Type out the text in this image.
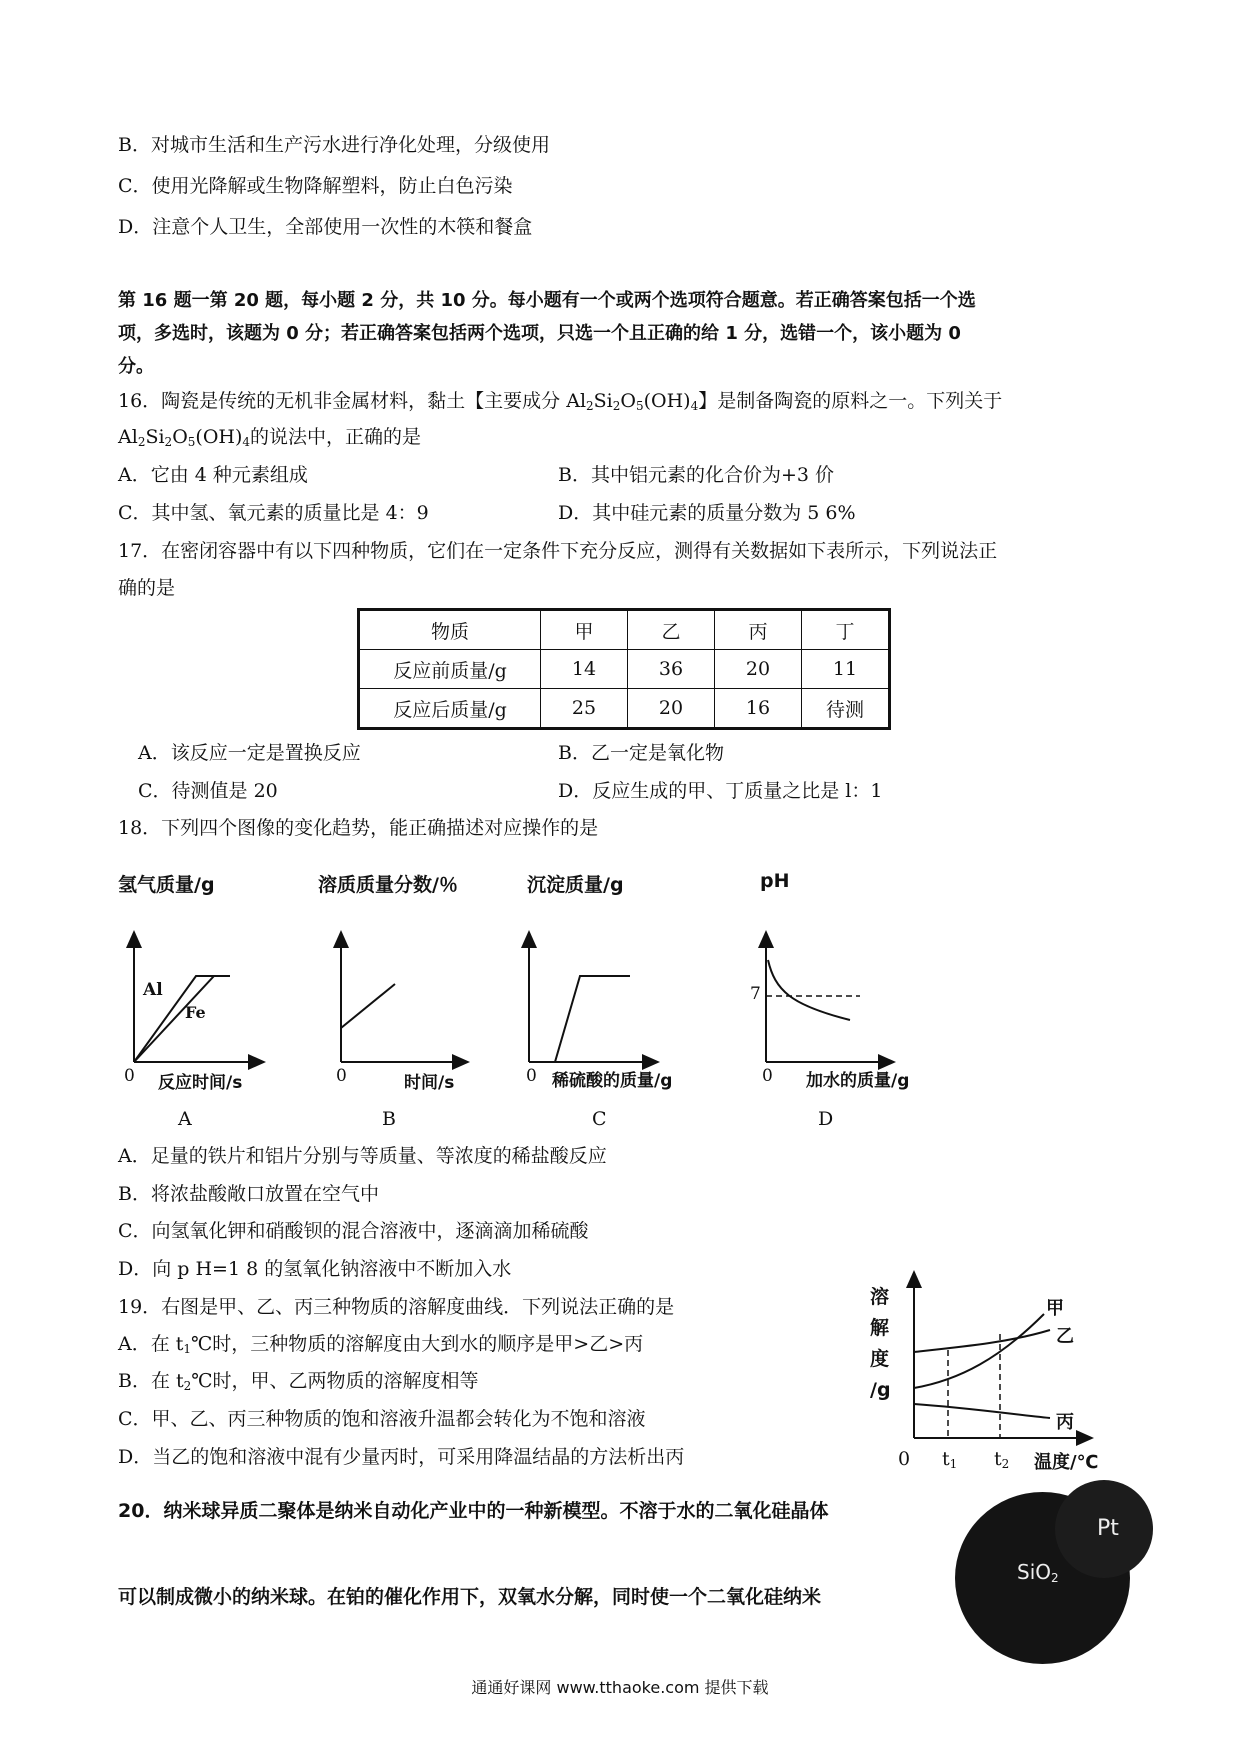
B．对城市生活和生产污水进行净化处理，分级使用
C．使用光降解或生物降解塑料，防止白色污染
D．注意个人卫生，全部使用一次性的木筷和餐盒
第 16 题一第 20 题，每小题 2 分，共 10 分。每小题有一个或两个选项符合题意。若正确答案包括一个选
项，多选时，该题为 0 分；若正确答案包括两个选项，只选一个且正确的给 1 分，选错一个，该小题为 0
分。
16．陶瓷是传统的无机非金属材料，黏土【主要成分 $Al_2Si_2O_5(OH)_4$】是制备陶瓷的原料之一。下列关于
$Al_2Si_2O_5(OH)_4$的说法中，正确的是
A．它由 4 种元素组成	B．其中铝元素的化合价为+3 价
C．其中氢、氧元素的质量比是 4：9	D．其中硅元素的质量分数为 5 6%
17．在密闭容器中有以下四种物质，它们在一定条件下充分反应，测得有关数据如下表所示，下列说法正
确的是
物质	甲	乙	丙	丁
反应前质量/g	14	36	20	11
反应后质量/g	25	20	16	待测
A．该反应一定是置换反应	B．乙一定是氧化物
C．待测值是 20	D．反应生成的甲、丁质量之比是 l：1
18．下列四个图像的变化趋势，能正确描述对应操作的是
氢气质量/g	溶质质量分数/％	沉淀质量/g	pH
Al
Fe
7
0 反应时间/s	0	时间/s	0 稀硫酸的质量/g	0 加水的质量/g
A	B	C	D
A．足量的铁片和铝片分别与等质量、等浓度的稀盐酸反应
B．将浓盐酸敞口放置在空气中
C．向氢氧化钾和硝酸钡的混合溶液中，逐滴滴加稀硫酸
D．向 p H=1 8 的氢氧化钠溶液中不断加入水
19．右图是甲、乙、丙三种物质的溶解度曲线．下列说法正确的是
A．在 $t_1℃$时，三种物质的溶解度由大到水的顺序是甲>乙>丙
B．在 $t_2℃$时，甲、乙两物质的溶解度相等
C．甲、乙、丙三种物质的饱和溶液升温都会转化为不饱和溶液
D．当乙的饱和溶液中混有少量丙时，可采用降温结晶的方法析出丙
溶
解
度
/g
甲
乙
丙
0 $t_1$ $t_2$ 温度/℃
20．纳米球异质二聚体是纳米自动化产业中的一种新模型。不溶于水的二氧化硅晶体
可以制成微小的纳米球。在铂的催化作用下，双氧水分解，同时使一个二氧化硅纳米
SiO$_2$
Pt
通通好课网 www.tthaoke.com 提供下载
